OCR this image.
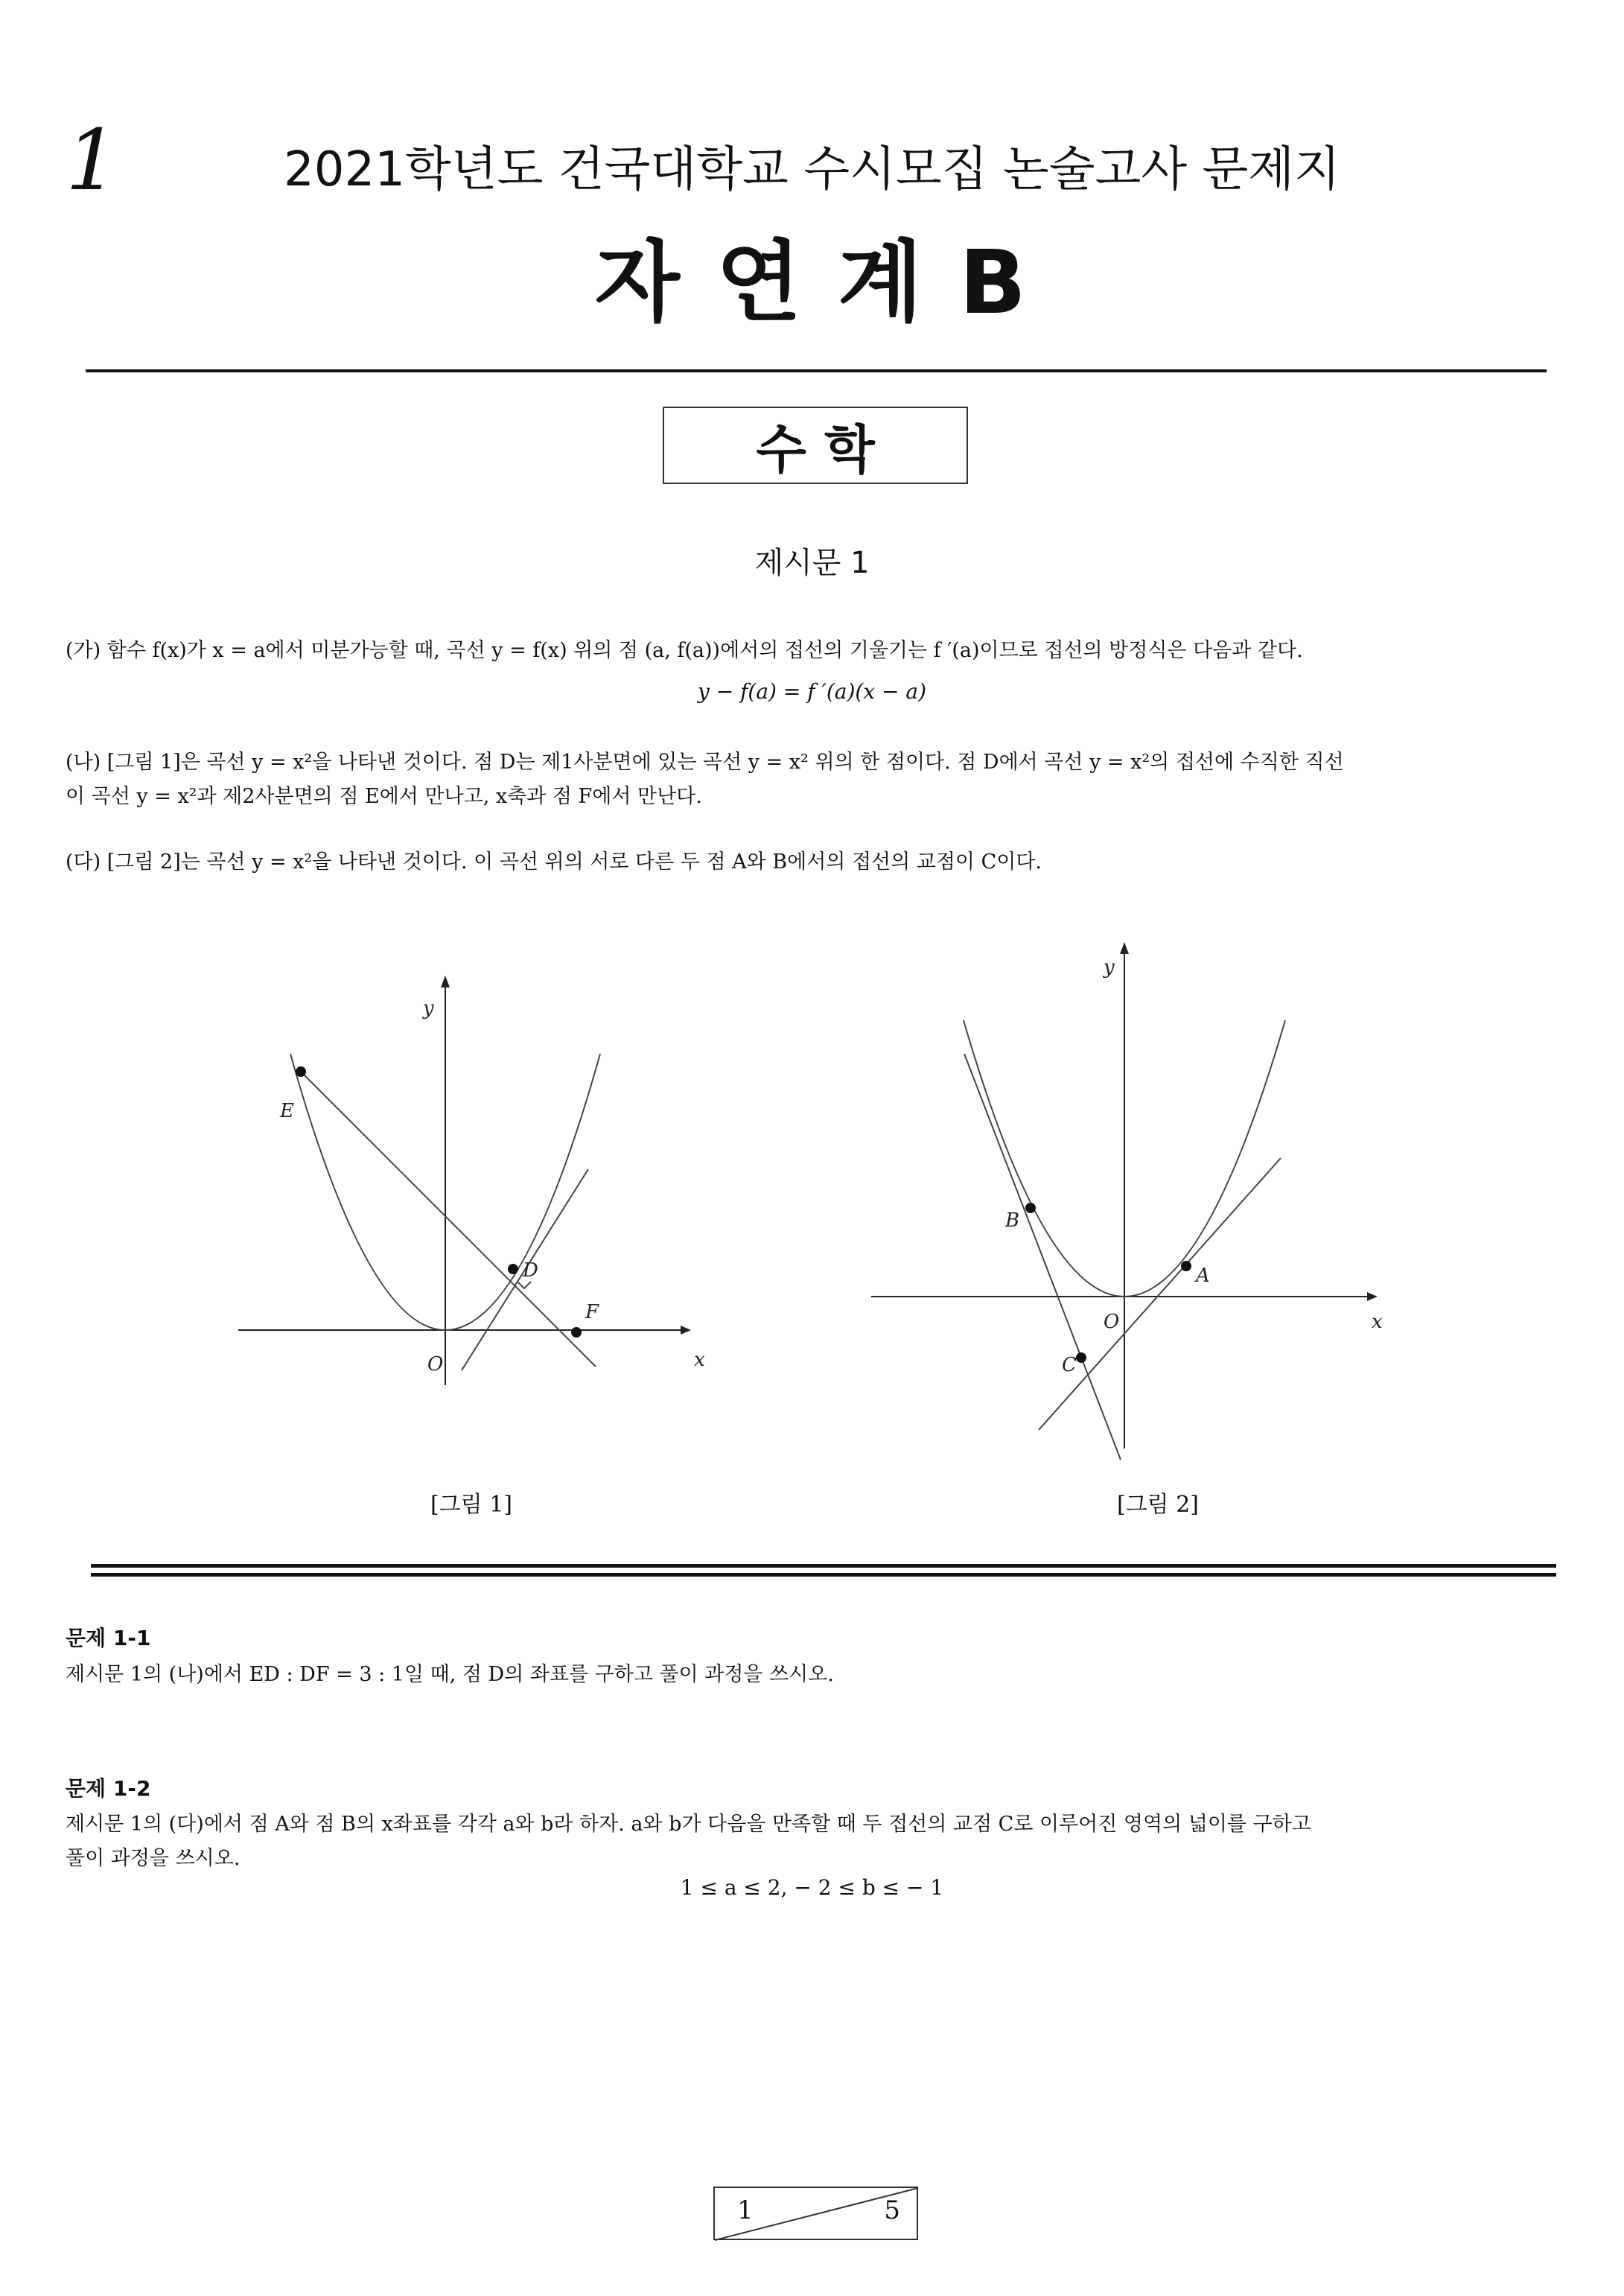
1	2021학년도 건국대학교 수시모집 논술고사 문제지
자 연 계 B
수 학
제시문 1
(가) 함수 f(x)가 x = a에서 미분가능할 때, 곡선 y = f(x) 위의 점 (a, f(a))에서의 접선의 기울기는 f ′(a)이므로 접선의 방정식은 다음과 같다.
y − f(a) = f ′(a)(x − a)
(나) [그림 1]은 곡선 y = x²을 나타낸 것이다. 점 D는 제1사분면에 있는 곡선 y = x² 위의 한 점이다. 점 D에서 곡선 y = x²의 접선에 수직한 직선
이 곡선 y = x²과 제2사분면의 점 E에서 만나고, x축과 점 F에서 만난다.
(다) [그림 2]는 곡선 y = x²을 나타낸 것이다. 이 곡선 위의 서로 다른 두 점 A와 B에서의 접선의 교점이 C이다.
y
x
O
E
D
F
[그림 1]
y
x
O
A
B
C
[그림 2]
문제 1-1
제시문 1의 (나)에서 ED : DF = 3 : 1일 때, 점 D의 좌표를 구하고 풀이 과정을 쓰시오.
문제 1-2
제시문 1의 (다)에서 점 A와 점 B의 x좌표를 각각 a와 b라 하자. a와 b가 다음을 만족할 때 두 접선의 교점 C로 이루어진 영역의 넓이를 구하고
풀이 과정을 쓰시오.
1 ≤ a ≤ 2, − 2 ≤ b ≤ − 1
1	5
